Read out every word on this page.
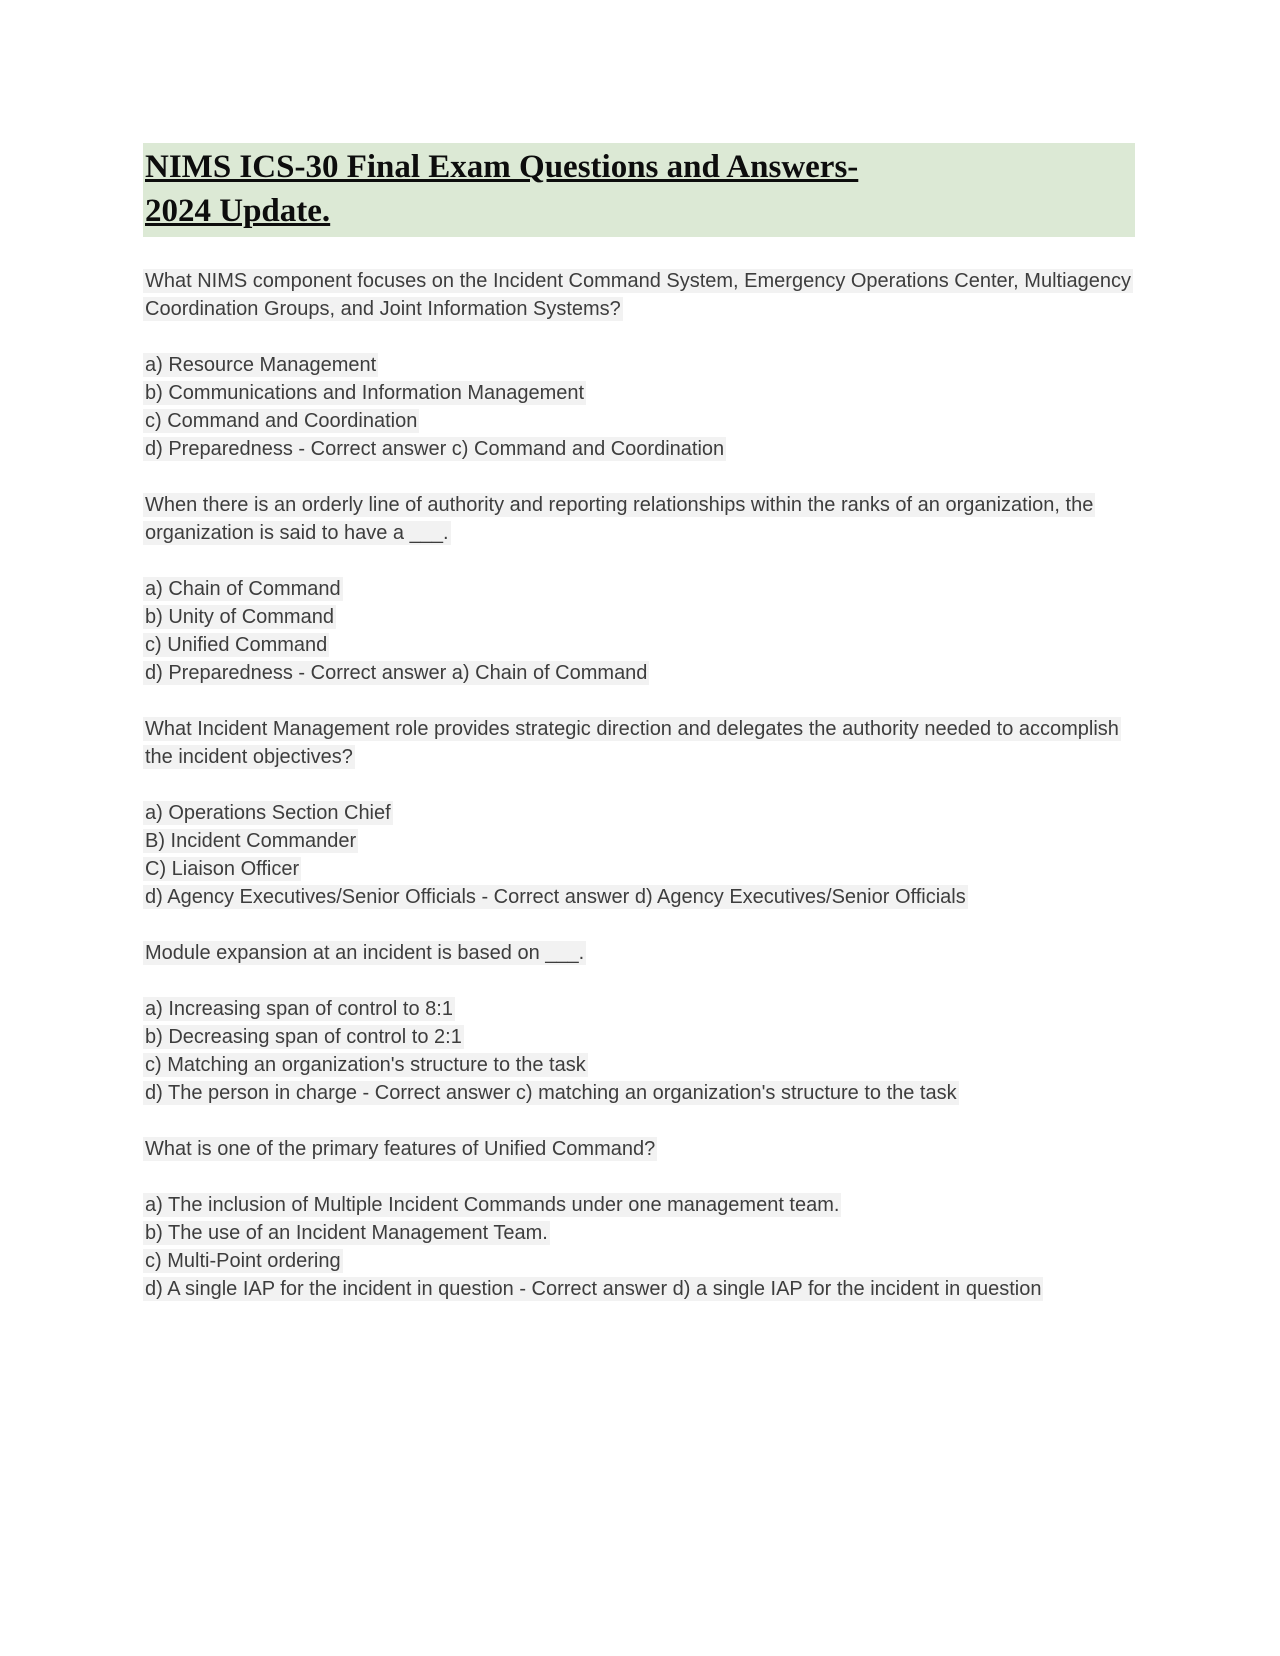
NIMS ICS-30 Final Exam Questions and Answers-
2024 Update.

What NIMS component focuses on the Incident Command System, Emergency Operations Center, Multiagency Coordination Groups, and Joint Information Systems?

a) Resource Management
b) Communications and Information Management
c) Command and Coordination
d) Preparedness - Correct answer c) Command and Coordination

When there is an orderly line of authority and reporting relationships within the ranks of an organization, the organization is said to have a ___.

a) Chain of Command
b) Unity of Command
c) Unified Command
d) Preparedness - Correct answer a) Chain of Command

What Incident Management role provides strategic direction and delegates the authority needed to accomplish the incident objectives?

a) Operations Section Chief
B) Incident Commander
C) Liaison Officer
d) Agency Executives/Senior Officials - Correct answer d) Agency Executives/Senior Officials

Module expansion at an incident is based on ___.

a) Increasing span of control to 8:1
b) Decreasing span of control to 2:1
c) Matching an organization's structure to the task
d) The person in charge - Correct answer c) matching an organization's structure to the task

What is one of the primary features of Unified Command?

a) The inclusion of Multiple Incident Commands under one management team.
b) The use of an Incident Management Team.
c) Multi-Point ordering
d) A single IAP for the incident in question - Correct answer d) a single IAP for the incident in question
